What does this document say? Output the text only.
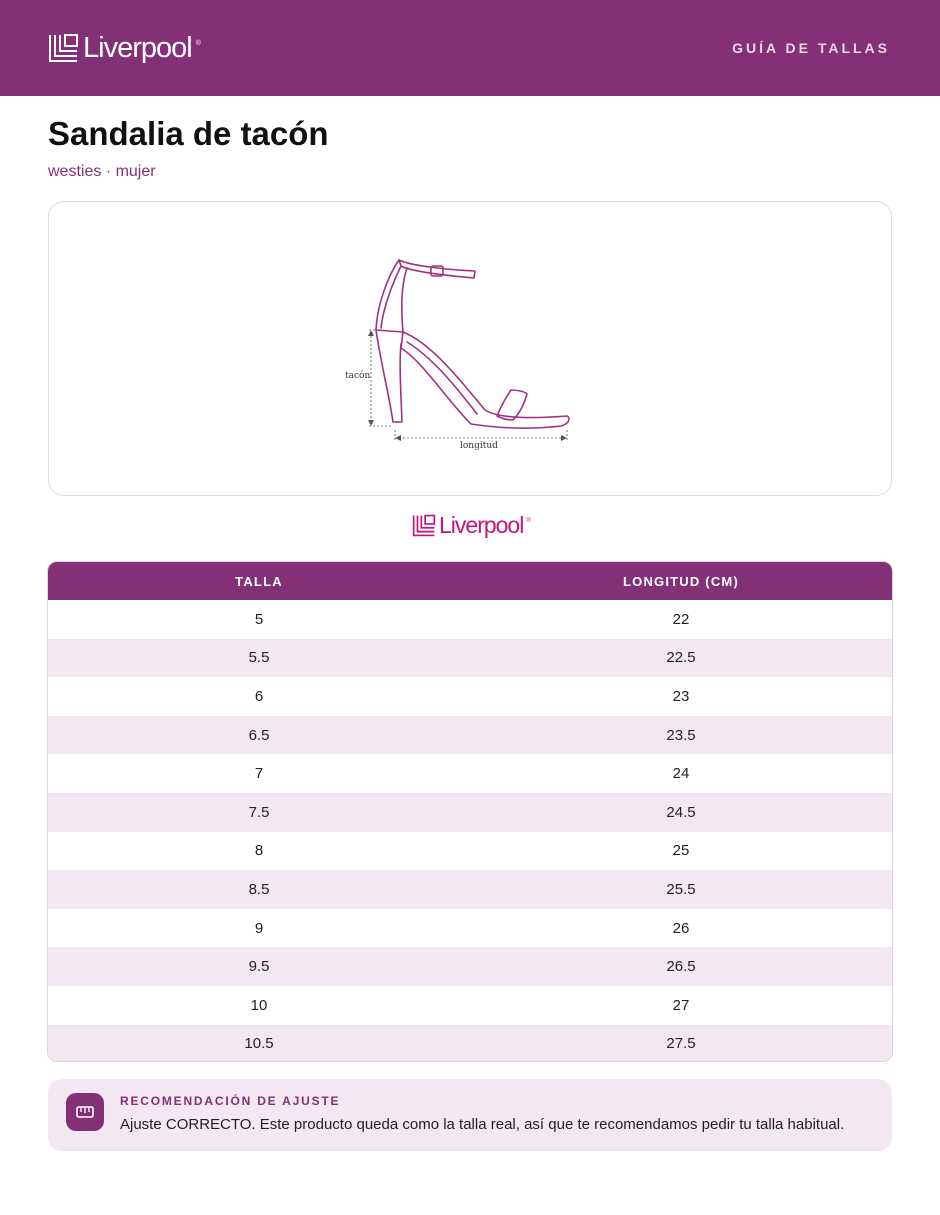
Liverpool ®	GUÍA DE TALLAS
Sandalia de tacón
westies · mujer
tacón
longitud
Liverpool ®
TALLA	LONGITUD (CM)
5	22
5.5	22.5
6	23
6.5	23.5
7	24
7.5	24.5
8	25
8.5	25.5
9	26
9.5	26.5
10	27
10.5	27.5
RECOMENDACIÓN DE AJUSTE
Ajuste CORRECTO. Este producto queda como la talla real, así que te recomendamos pedir tu talla habitual.
